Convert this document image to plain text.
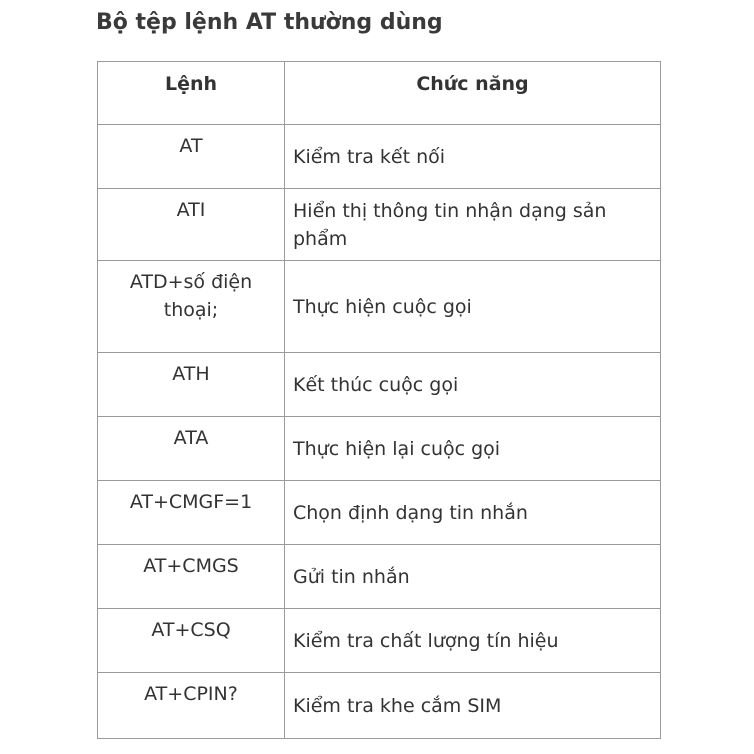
Bộ tệp lệnh AT thường dùng
Lệnh	Chức năng
AT	Kiểm tra kết nối
ATI	Hiển thị thông tin nhận dạng sản phẩm
ATD+số điện thoại;	Thực hiện cuộc gọi
ATH	Kết thúc cuộc gọi
ATA	Thực hiện lại cuộc gọi
AT+CMGF=1	Chọn định dạng tin nhắn
AT+CMGS	Gửi tin nhắn
AT+CSQ	Kiểm tra chất lượng tín hiệu
AT+CPIN?	Kiểm tra khe cắm SIM
